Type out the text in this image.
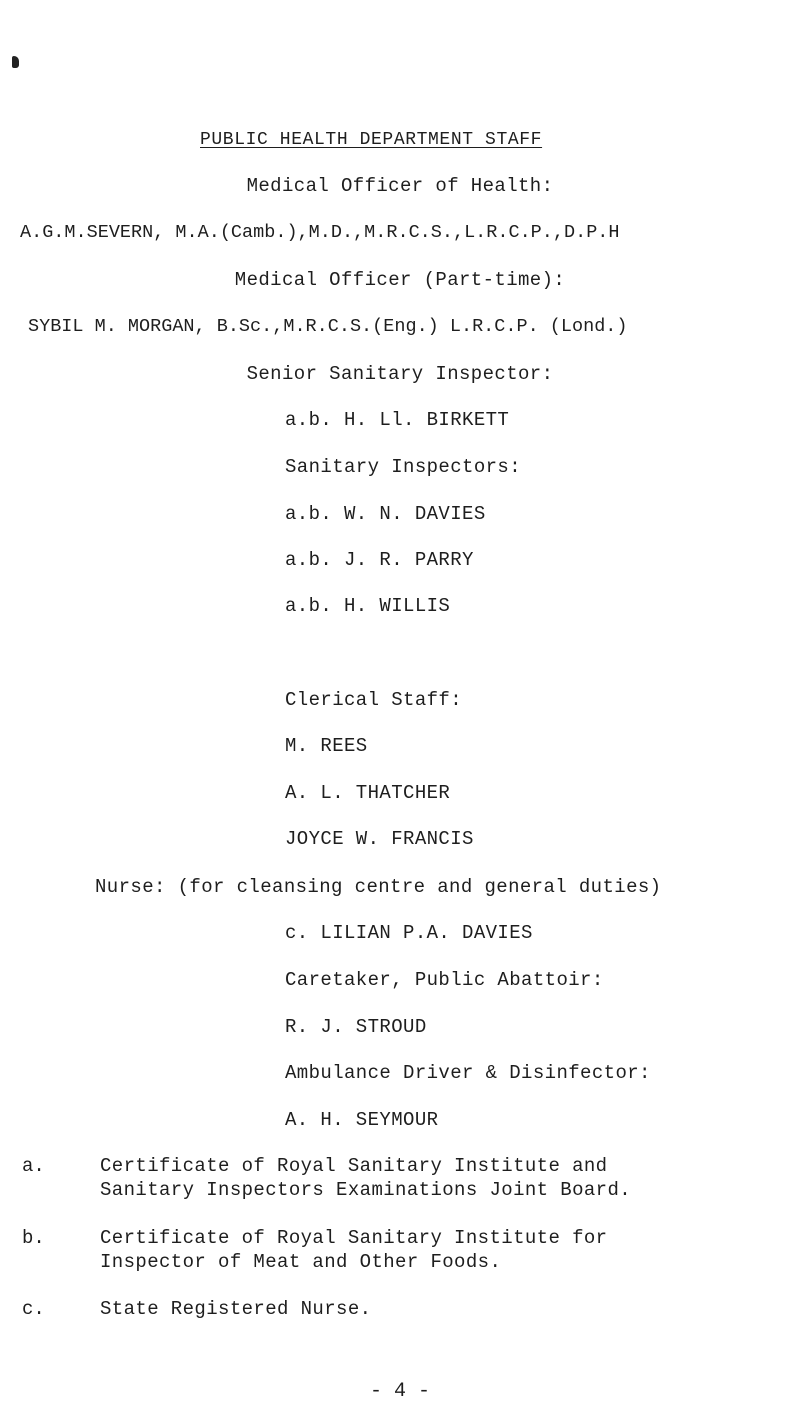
PUBLIC HEALTH DEPARTMENT STAFF
Medical Officer of Health:
A.G.M.SEVERN, M.A.(Camb.),M.D.,M.R.C.S.,L.R.C.P.,D.P.H
Medical Officer (Part-time):
SYBIL M. MORGAN, B.Sc.,M.R.C.S.(Eng.) L.R.C.P. (Lond.)
Senior Sanitary Inspector:
a.b. H. Ll. BIRKETT
Sanitary Inspectors:
a.b. W. N. DAVIES
a.b. J. R. PARRY
a.b. H. WILLIS
Clerical Staff:
M. REES
A. L. THATCHER
JOYCE W. FRANCIS
Nurse: (for cleansing centre and general duties)
c. LILIAN P.A. DAVIES
Caretaker, Public Abattoir:
R. J. STROUD
Ambulance Driver & Disinfector:
A. H. SEYMOUR
a.	Certificate of Royal Sanitary Institute and
Sanitary Inspectors Examinations Joint Board.
b.	Certificate of Royal Sanitary Institute for
Inspector of Meat and Other Foods.
c.	State Registered Nurse.
- 4 -
